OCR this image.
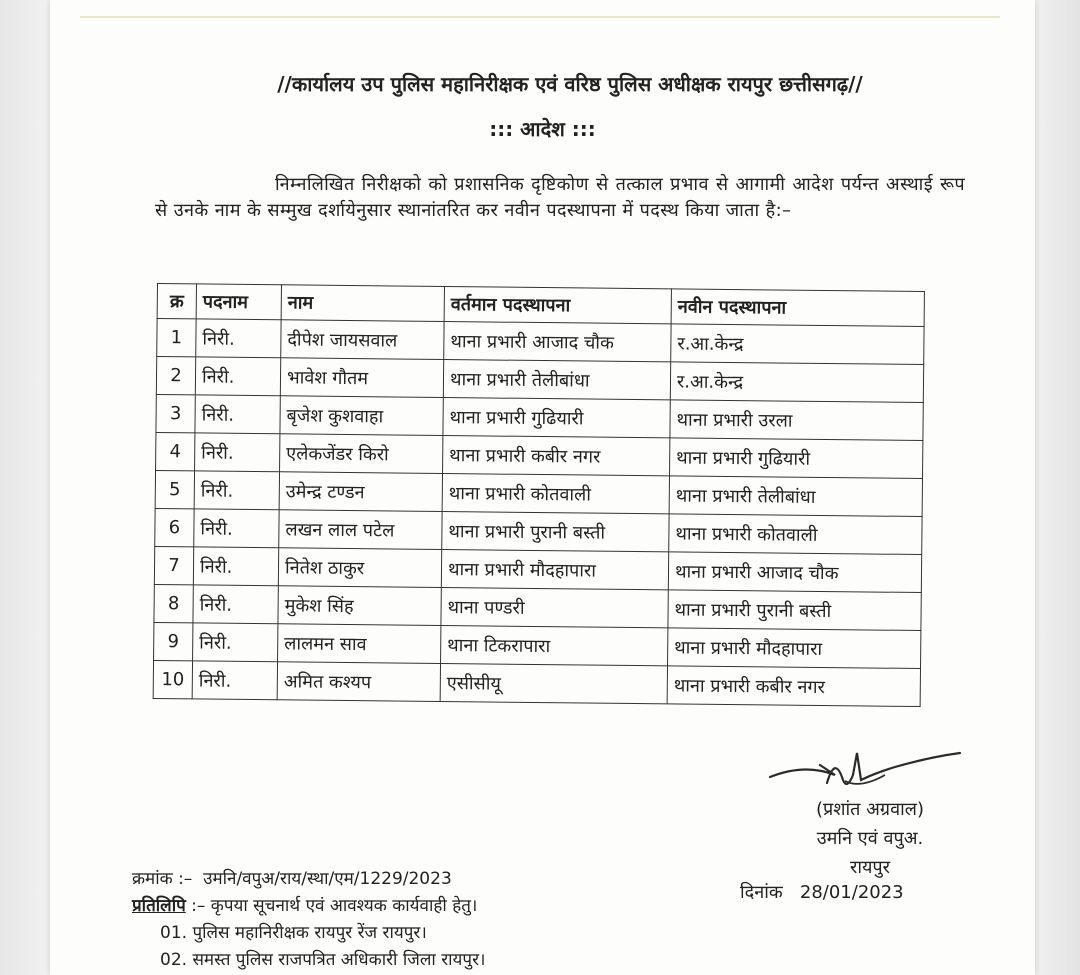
//कार्यालय उप पुलिस महानिरीक्षक एवं वरिष्ठ पुलिस अधीक्षक रायपुर छत्तीसगढ़//
::: आदेश :::
निम्नलिखित निरीक्षको को प्रशासनिक दृष्टिकोण से तत्काल प्रभाव से आगामी आदेश पर्यन्त अस्थाई रूप से उनके नाम के सम्मुख दर्शायेनुसार स्थानांतरित कर नवीन पदस्थापना में पदस्थ किया जाता है:–
क्र	पदनाम	नाम	वर्तमान पदस्थापना	नवीन पदस्थापना
1	निरी.	दीपेश जायसवाल	थाना प्रभारी आजाद चौक	र.आ.केन्द्र
2	निरी.	भावेश गौतम	थाना प्रभारी तेलीबांधा	र.आ.केन्द्र
3	निरी.	बृजेश कुशवाहा	थाना प्रभारी गुढियारी	थाना प्रभारी उरला
4	निरी.	एलेकजेंडर किरो	थाना प्रभारी कबीर नगर	थाना प्रभारी गुढियारी
5	निरी.	उमेन्द्र टण्डन	थाना प्रभारी कोतवाली	थाना प्रभारी तेलीबांधा
6	निरी.	लखन लाल पटेल	थाना प्रभारी पुरानी बस्ती	थाना प्रभारी कोतवाली
7	निरी.	नितेश ठाकुर	थाना प्रभारी मौदहापारा	थाना प्रभारी आजाद चौक
8	निरी.	मुकेश सिंह	थाना पण्डरी	थाना प्रभारी पुरानी बस्ती
9	निरी.	लालमन साव	थाना टिकरापारा	थाना प्रभारी मौदहापारा
10	निरी.	अमित कश्यप	एसीसीयू	थाना प्रभारी कबीर नगर
(प्रशांत अग्रवाल)
उमनि एवं वपुअ.
रायपुर
दिनांक 28/01/2023
क्रमांक :– उमनि/वपुअ/राय/स्था/एम/1229/2023
प्रतिलिपि :– कृपया सूचनार्थ एवं आवश्यक कार्यवाही हेतु।
01. पुलिस महानिरीक्षक रायपुर रेंज रायपुर।
02. समस्त पुलिस राजपत्रित अधिकारी जिला रायपुर।
